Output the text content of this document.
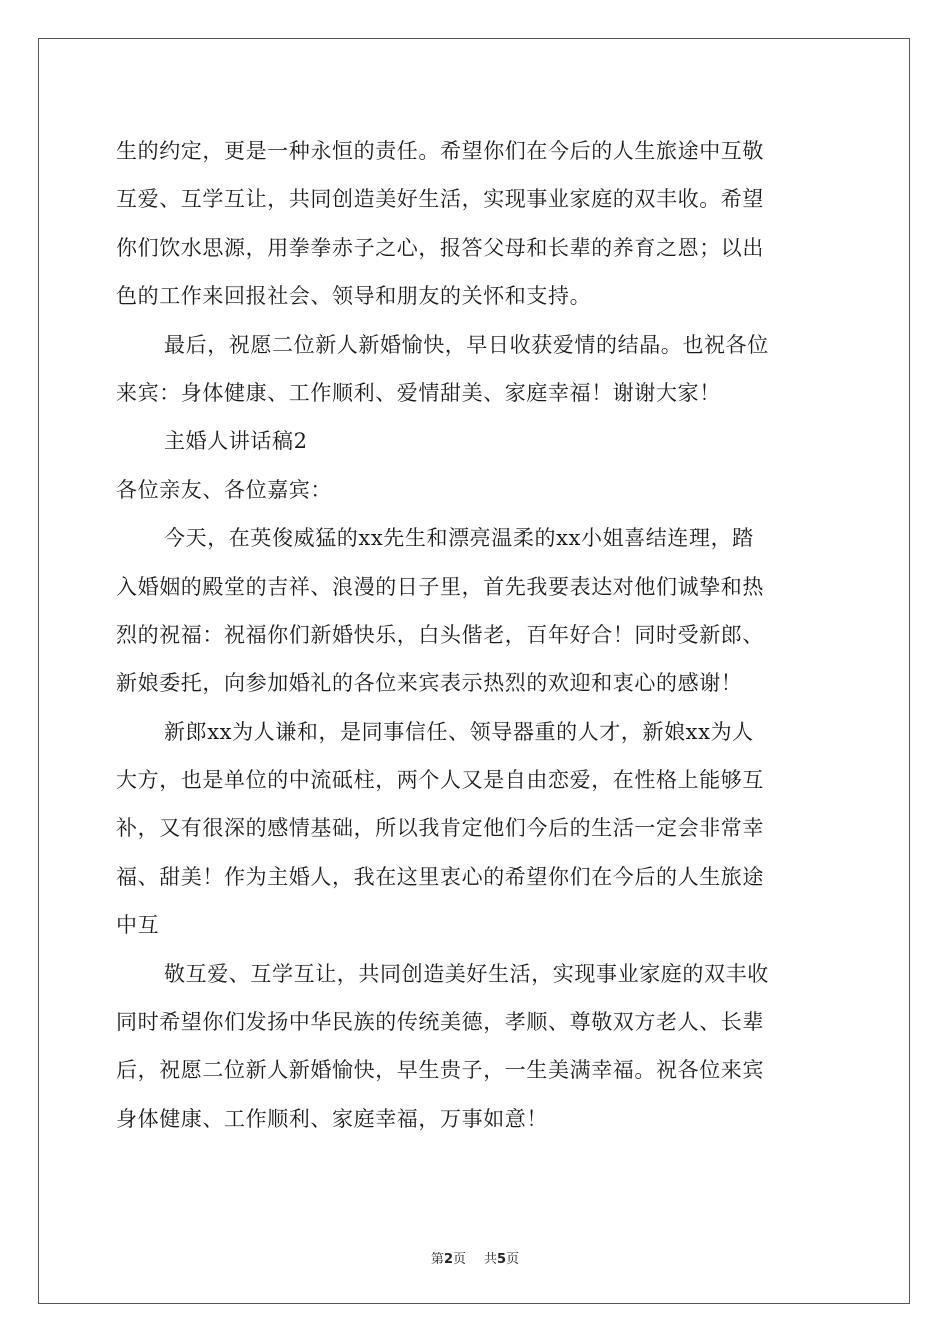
生的约定，更是一种永恒的责任。希望你们在今后的人生旅途中互敬
互爱、互学互让，共同创造美好生活，实现事业家庭的双丰收。希望
你们饮水思源，用拳拳赤子之心，报答父母和长辈的养育之恩；以出
色的工作来回报社会、领导和朋友的关怀和支持。
最后，祝愿二位新人新婚愉快，早日收获爱情的结晶。也祝各位
来宾：身体健康、工作顺利、爱情甜美、家庭幸福！谢谢大家！
主婚人讲话稿2
各位亲友、各位嘉宾：
今天，在英俊威猛的xx先生和漂亮温柔的xx小姐喜结连理，踏
入婚姻的殿堂的吉祥、浪漫的日子里，首先我要表达对他们诚挚和热
烈的祝福：祝福你们新婚快乐，白头偕老，百年好合！同时受新郎、
新娘委托，向参加婚礼的各位来宾表示热烈的欢迎和衷心的感谢！
新郎xx为人谦和，是同事信任、领导器重的人才，新娘xx为人
大方，也是单位的中流砥柱，两个人又是自由恋爱，在性格上能够互
补，又有很深的感情基础，所以我肯定他们今后的生活一定会非常幸
福、甜美！作为主婚人，我在这里衷心的希望你们在今后的人生旅途
中互
敬互爱、互学互让，共同创造美好生活，实现事业家庭的双丰收
同时希望你们发扬中华民族的传统美德，孝顺、尊敬双方老人、长辈
后，祝愿二位新人新婚愉快，早生贵子，一生美满幸福。祝各位来宾
身体健康、工作顺利、家庭幸福，万事如意！

第2页 共5页
